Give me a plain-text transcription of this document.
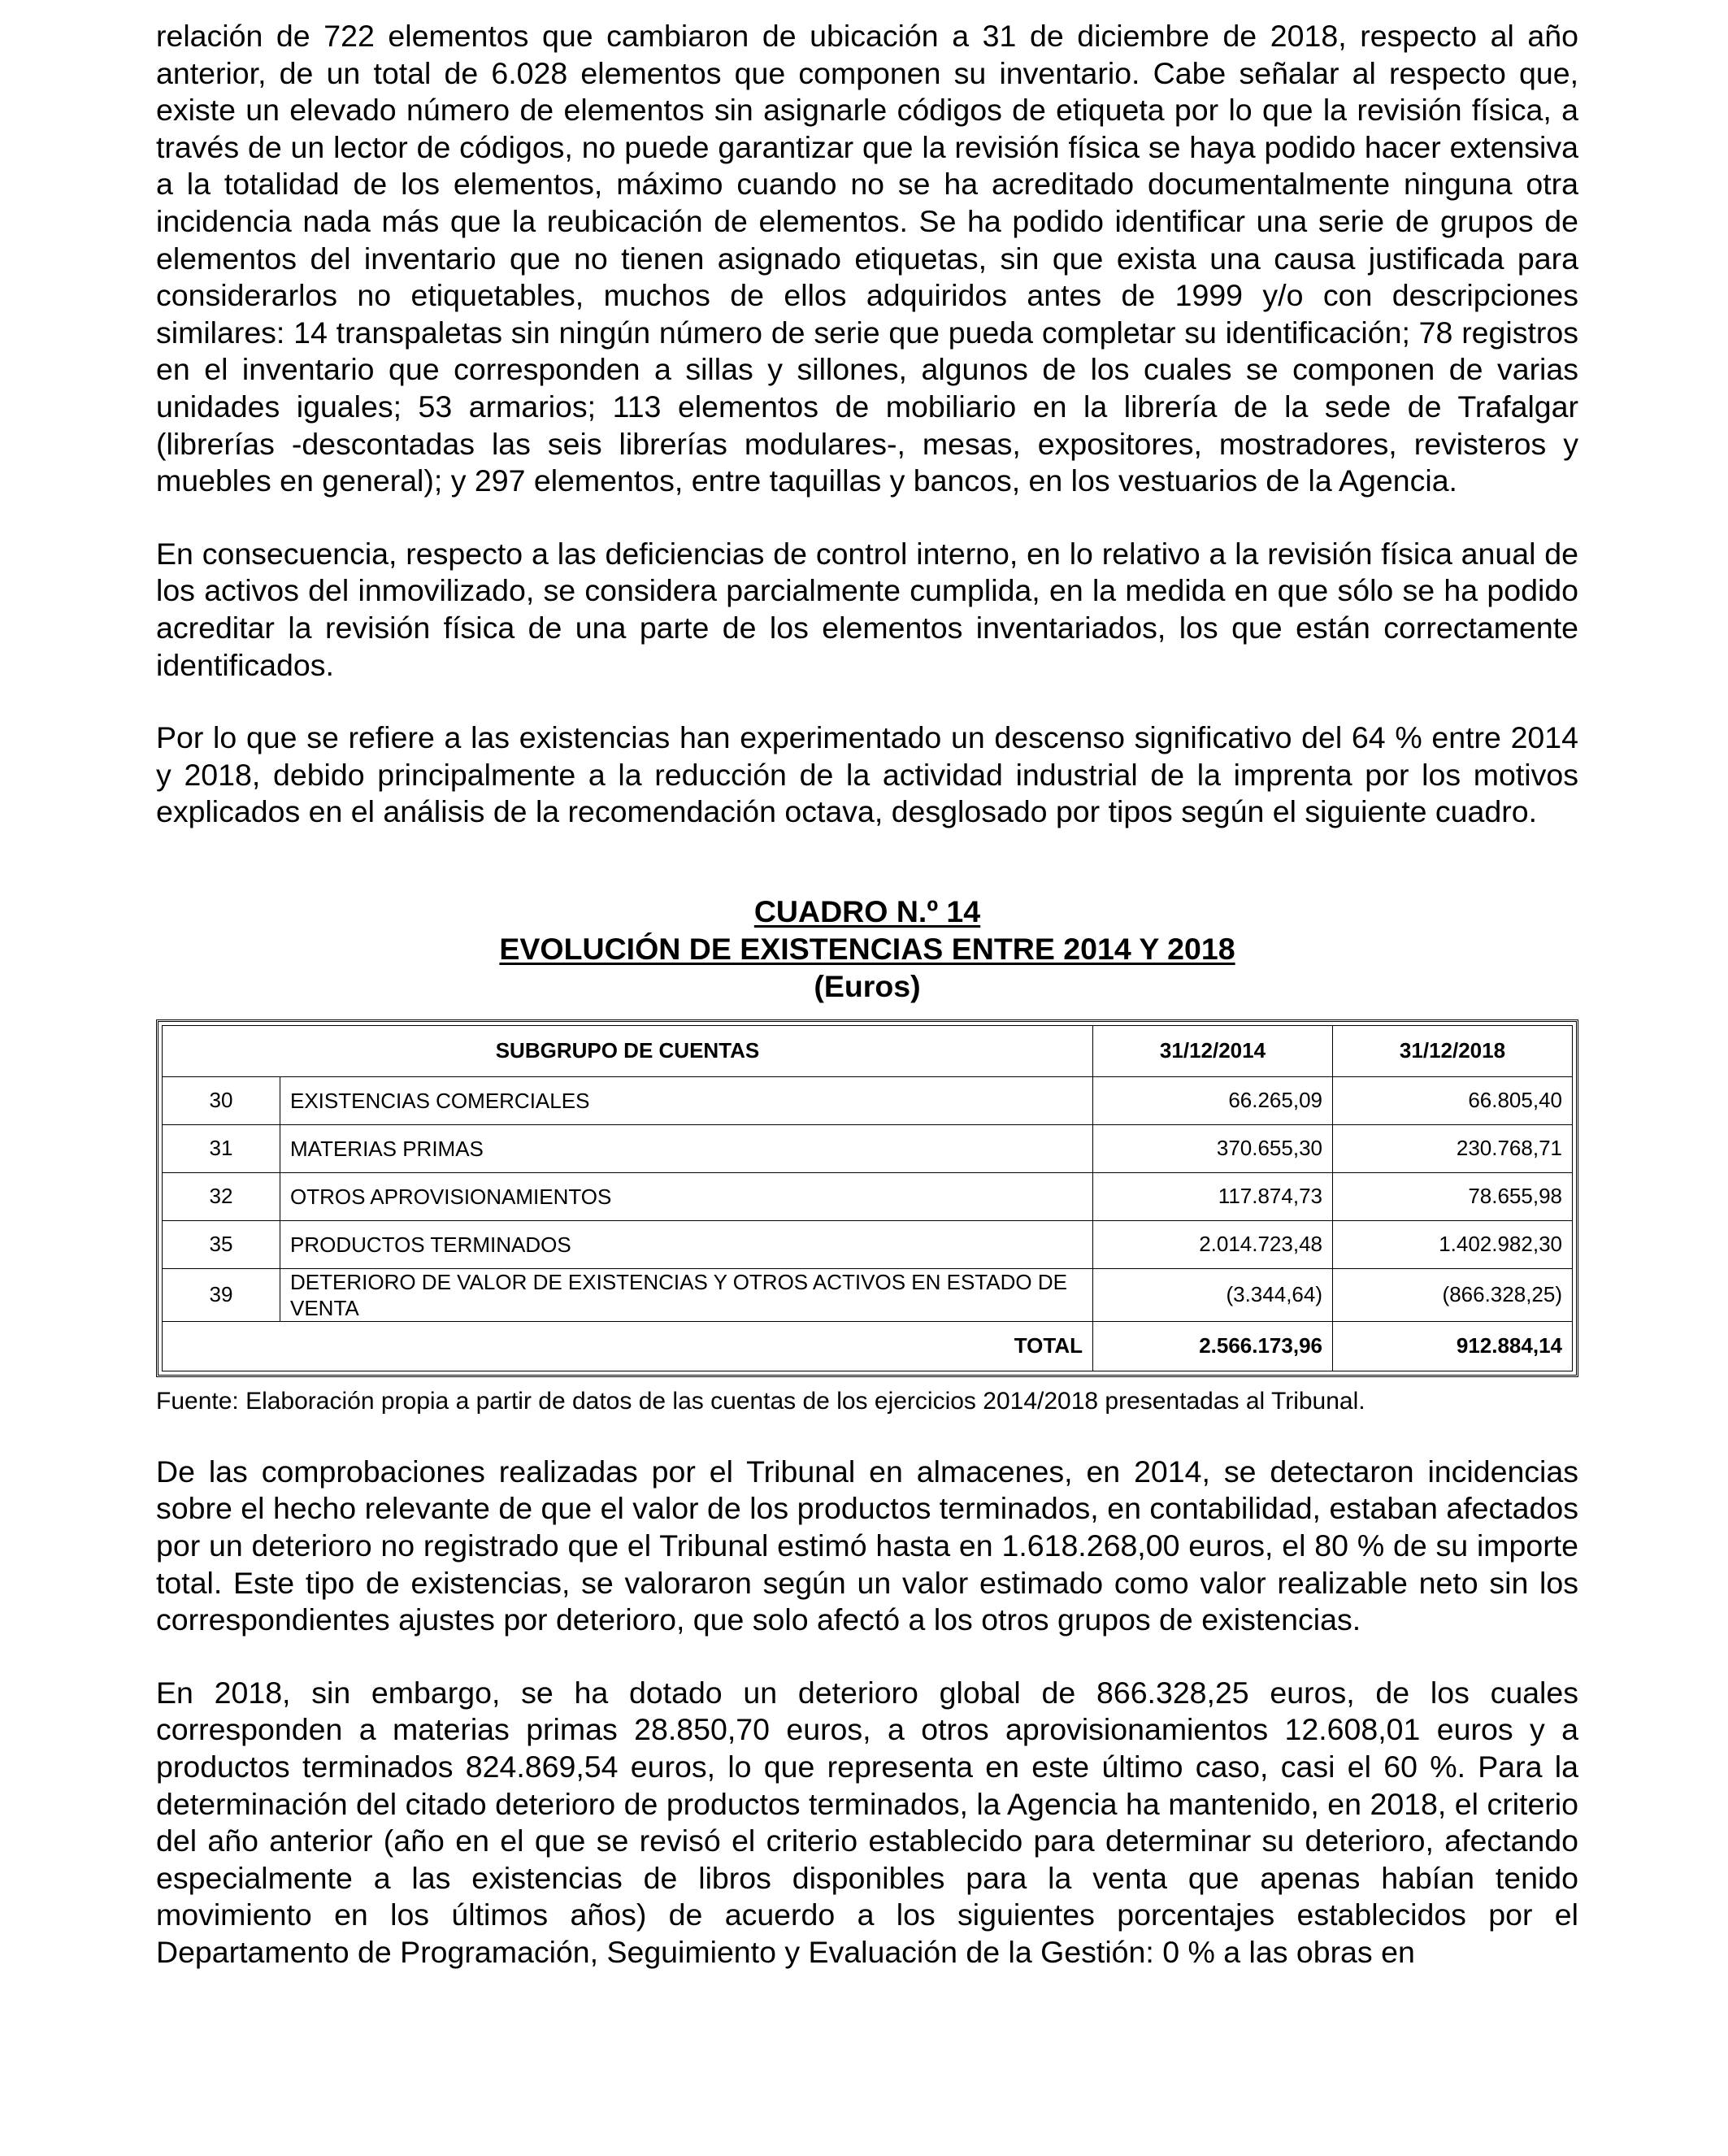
relación de 722 elementos que cambiaron de ubicación a 31 de diciembre de 2018, respecto al año anterior, de un total de 6.028 elementos que componen su inventario. Cabe señalar al respecto que, existe un elevado número de elementos sin asignarle códigos de etiqueta por lo que la revisión física, a través de un lector de códigos, no puede garantizar que la revisión física se haya podido hacer extensiva a la totalidad de los elementos, máximo cuando no se ha acreditado documentalmente ninguna otra incidencia nada más que la reubicación de elementos. Se ha podido identificar una serie de grupos de elementos del inventario que no tienen asignado etiquetas, sin que exista una causa justificada para considerarlos no etiquetables, muchos de ellos adquiridos antes de 1999 y/o con descripciones similares: 14 transpaletas sin ningún número de serie que pueda completar su identificación; 78 registros en el inventario que corresponden a sillas y sillones, algunos de los cuales se componen de varias unidades iguales; 53 armarios; 113 elementos de mobiliario en la librería de la sede de Trafalgar (librerías -descontadas las seis librerías modulares-, mesas, expositores, mostradores, revisteros y muebles en general); y 297 elementos, entre taquillas y bancos, en los vestuarios de la Agencia.

En consecuencia, respecto a las deficiencias de control interno, en lo relativo a la revisión física anual de los activos del inmovilizado, se considera parcialmente cumplida, en la medida en que sólo se ha podido acreditar la revisión física de una parte de los elementos inventariados, los que están correctamente identificados.

Por lo que se refiere a las existencias han experimentado un descenso significativo del 64 % entre 2014 y 2018, debido principalmente a la reducción de la actividad industrial de la imprenta por los motivos explicados en el análisis de la recomendación octava, desglosado por tipos según el siguiente cuadro.

CUADRO N.º 14
EVOLUCIÓN DE EXISTENCIAS ENTRE 2014 Y 2018
(Euros)
SUBGRUPO DE CUENTAS		31/12/2014	31/12/2018
30	EXISTENCIAS COMERCIALES	66.265,09	66.805,40
31	MATERIAS PRIMAS	370.655,30	230.768,71
32	OTROS APROVISIONAMIENTOS	117.874,73	78.655,98
35	PRODUCTOS TERMINADOS	2.014.723,48	1.402.982,30
39	DETERIORO DE VALOR DE EXISTENCIAS Y OTROS ACTIVOS EN ESTADO DE VENTA	(3.344,64)	(866.328,25)
TOTAL		2.566.173,96	912.884,14

Fuente: Elaboración propia a partir de datos de las cuentas de los ejercicios 2014/2018 presentadas al Tribunal.

De las comprobaciones realizadas por el Tribunal en almacenes, en 2014, se detectaron incidencias sobre el hecho relevante de que el valor de los productos terminados, en contabilidad, estaban afectados por un deterioro no registrado que el Tribunal estimó hasta en 1.618.268,00 euros, el 80 % de su importe total. Este tipo de existencias, se valoraron según un valor estimado como valor realizable neto sin los correspondientes ajustes por deterioro, que solo afectó a los otros grupos de existencias.

En 2018, sin embargo, se ha dotado un deterioro global de 866.328,25 euros, de los cuales corresponden a materias primas 28.850,70 euros, a otros aprovisionamientos 12.608,01 euros y a productos terminados 824.869,54 euros, lo que representa en este último caso, casi el 60 %. Para la determinación del citado deterioro de productos terminados, la Agencia ha mantenido, en 2018, el criterio del año anterior (año en el que se revisó el criterio establecido para determinar su deterioro, afectando especialmente a las existencias de libros disponibles para la venta que apenas habían tenido movimiento en los últimos años) de acuerdo a los siguientes porcentajes establecidos por el Departamento de Programación, Seguimiento y Evaluación de la Gestión: 0 % a las obras en
